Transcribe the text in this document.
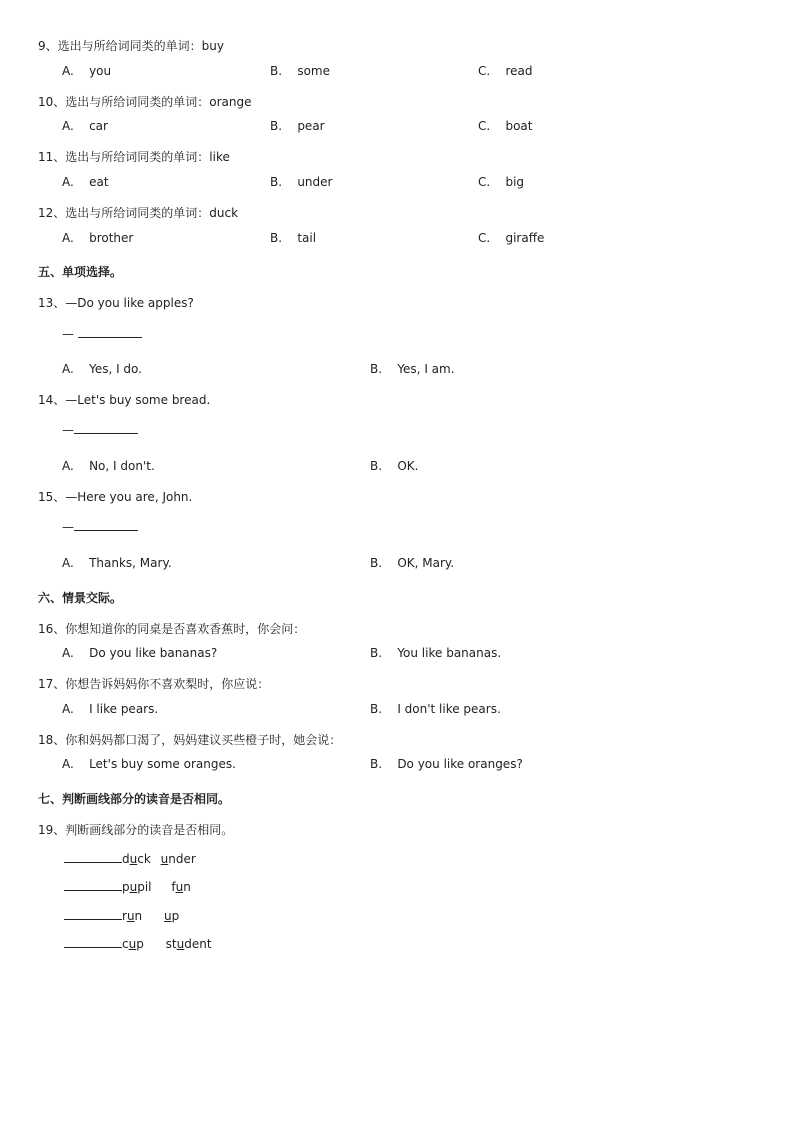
9、选出与所给词同类的单词：buy
A. you	B. some	C. read
10、选出与所给词同类的单词：orange
A. car	B. pear	C. boat
11、选出与所给词同类的单词：like
A. eat	B. under	C. big
12、选出与所给词同类的单词：duck
A. brother	B. tail	C. giraffe
五、单项选择。
13、—Do you like apples?
—
A. Yes, I do.	B. Yes, I am.
14、—Let's buy some bread.
—
A. No, I don't.	B. OK.
15、—Here you are, John.
—
A. Thanks, Mary.	B. OK, Mary.
六、情景交际。
16、你想知道你的同桌是否喜欢香蕉时，你会问：
A. Do you like bananas?	B. You like bananas.
17、你想告诉妈妈你不喜欢梨时，你应说：
A. I like pears.	B. I don't like pears.
18、你和妈妈都口渴了，妈妈建议买些橙子时，她会说：
A. Let's buy some oranges.	B. Do you like oranges?
七、判断画线部分的读音是否相同。
19、判断画线部分的读音是否相同。
duck under
pupil fun
run up
cup student
